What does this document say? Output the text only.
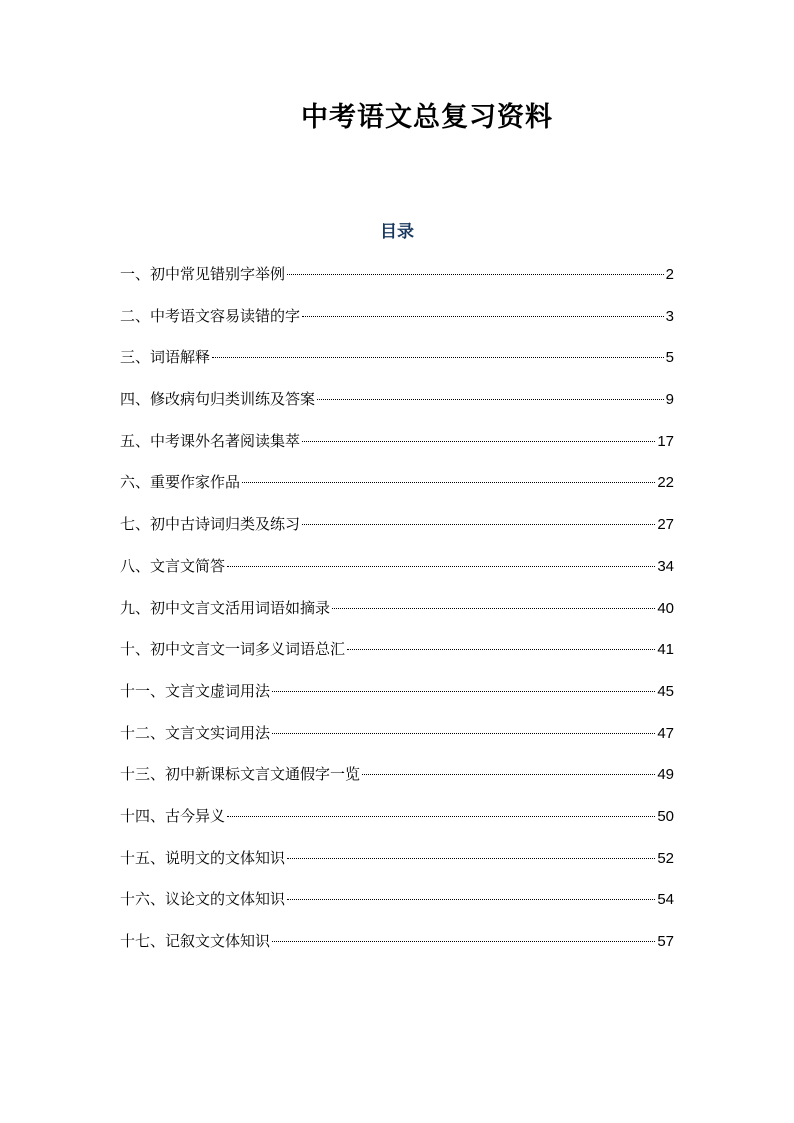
中考语文总复习资料
目录
一、初中常见错别字举例	2
二、中考语文容易读错的字	3
三、词语解释	5
四、修改病句归类训练及答案	9
五、中考课外名著阅读集萃	17
六、重要作家作品	22
七、初中古诗词归类及练习	27
八、文言文简答	34
九、初中文言文活用词语如摘录	40
十、初中文言文一词多义词语总汇	41
十一、文言文虚词用法	45
十二、文言文实词用法	47
十三、初中新课标文言文通假字一览	49
十四、古今异义	50
十五、说明文的文体知识	52
十六、议论文的文体知识	54
十七、记叙文文体知识	57
